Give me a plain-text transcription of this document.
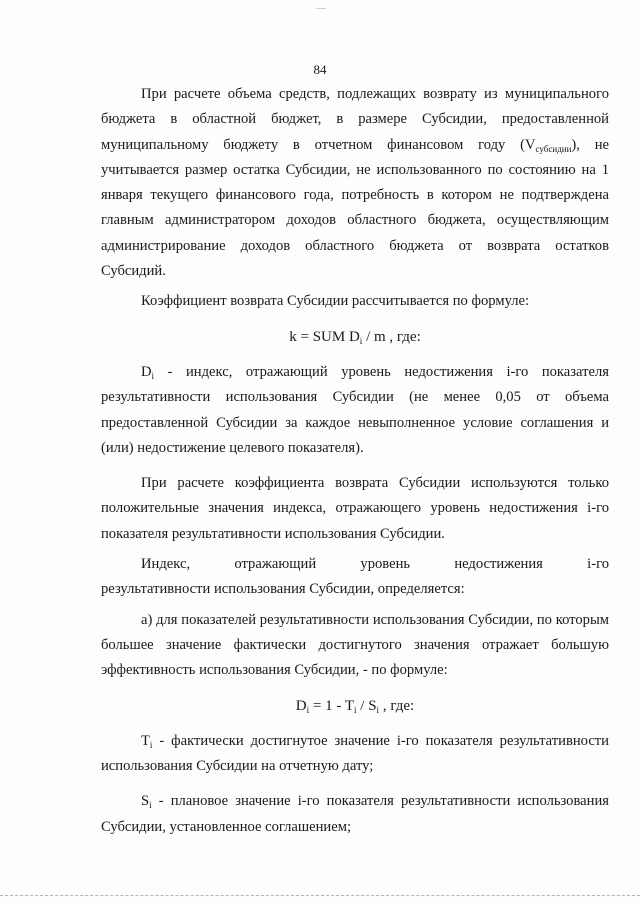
84

При расчете объема средств, подлежащих возврату из муниципального бюджета в областной бюджет, в размере Субсидии, предоставленной муниципальному бюджету в отчетном финансовом году $(V_{субсидии})$, не учитывается размер остатка Субсидии, не использованного по состоянию на 1 января текущего финансового года, потребность в котором не подтверждена главным администратором доходов областного бюджета, осуществляющим администрирование доходов областного бюджета от возврата остатков Субсидий.

Коэффициент возврата Субсидии рассчитывается по формуле:

k = SUM $D_i$ / m , где:

$D_i$ - индекс, отражающий уровень недостижения i-го показателя результативности использования Субсидии (не менее 0,05 от объема предоставленной Субсидии за каждое невыполненное условие соглашения и (или) недостижение целевого показателя).

При расчете коэффициента возврата Субсидии используются только положительные значения индекса, отражающего уровень недостижения i-го показателя результативности использования Субсидии.

Индекс, отражающий уровень недостижения i-го

результативности использования Субсидии, определяется:

а) для показателей результативности использования Субсидии, по которым большее значение фактически достигнутого значения отражает большую эффективность использования Субсидии, - по формуле:

$D_i = 1 - T_i / S_i$ , где:

$T_i$ - фактически достигнутое значение i-го показателя результативности использования Субсидии на отчетную дату;

$S_i$ - плановое значение i-го показателя результативности использования Субсидии, установленное соглашением;
